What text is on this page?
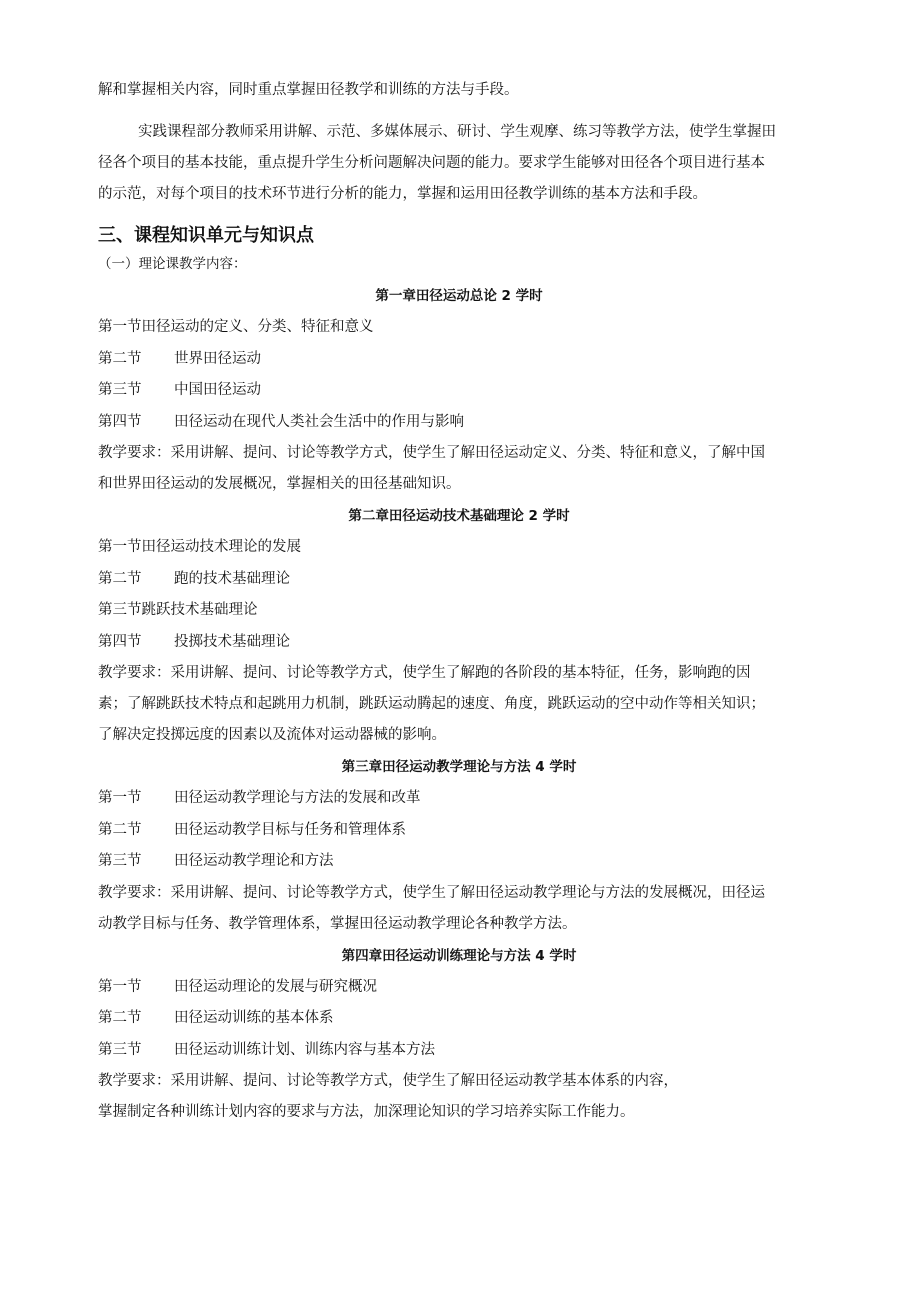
解和掌握相关内容，同时重点掌握田径教学和训练的方法与手段。

实践课程部分教师采用讲解、示范、多媒体展示、研讨、学生观摩、练习等教学方法，使学生掌握田
径各个项目的基本技能，重点提升学生分析问题解决问题的能力。要求学生能够对田径各个项目进行基本
的示范，对每个项目的技术环节进行分析的能力，掌握和运用田径教学训练的基本方法和手段。
三、课程知识单元与知识点

（一）理论课教学内容：

第一章田径运动总论 2 学时
第一节田径运动的定义、分类、特征和意义
第二节 世界田径运动
第三节 中国田径运动
第四节 田径运动在现代人类社会生活中的作用与影响
教学要求：采用讲解、提问、讨论等教学方式，使学生了解田径运动定义、分类、特征和意义，了解中国
和世界田径运动的发展概况，掌握相关的田径基础知识。
第二章田径运动技术基础理论 2 学时
第一节田径运动技术理论的发展
第二节 跑的技术基础理论
第三节跳跃技术基础理论
第四节 投掷技术基础理论
教学要求：采用讲解、提问、讨论等教学方式，使学生了解跑的各阶段的基本特征，任务，影响跑的因
素；了解跳跃技术特点和起跳用力机制，跳跃运动腾起的速度、角度，跳跃运动的空中动作等相关知识；
了解决定投掷远度的因素以及流体对运动器械的影响。
第三章田径运动教学理论与方法 4 学时
第一节 田径运动教学理论与方法的发展和改革
第二节 田径运动教学目标与任务和管理体系
第三节 田径运动教学理论和方法
教学要求：采用讲解、提问、讨论等教学方式，使学生了解田径运动教学理论与方法的发展概况，田径运
动教学目标与任务、教学管理体系，掌握田径运动教学理论各种教学方法。
第四章田径运动训练理论与方法 4 学时
第一节 田径运动理论的发展与研究概况
第二节 田径运动训练的基本体系
第三节 田径运动训练计划、训练内容与基本方法
教学要求：采用讲解、提问、讨论等教学方式，使学生了解田径运动教学基本体系的内容，
掌握制定各种训练计划内容的要求与方法，加深理论知识的学习培养实际工作能力。
